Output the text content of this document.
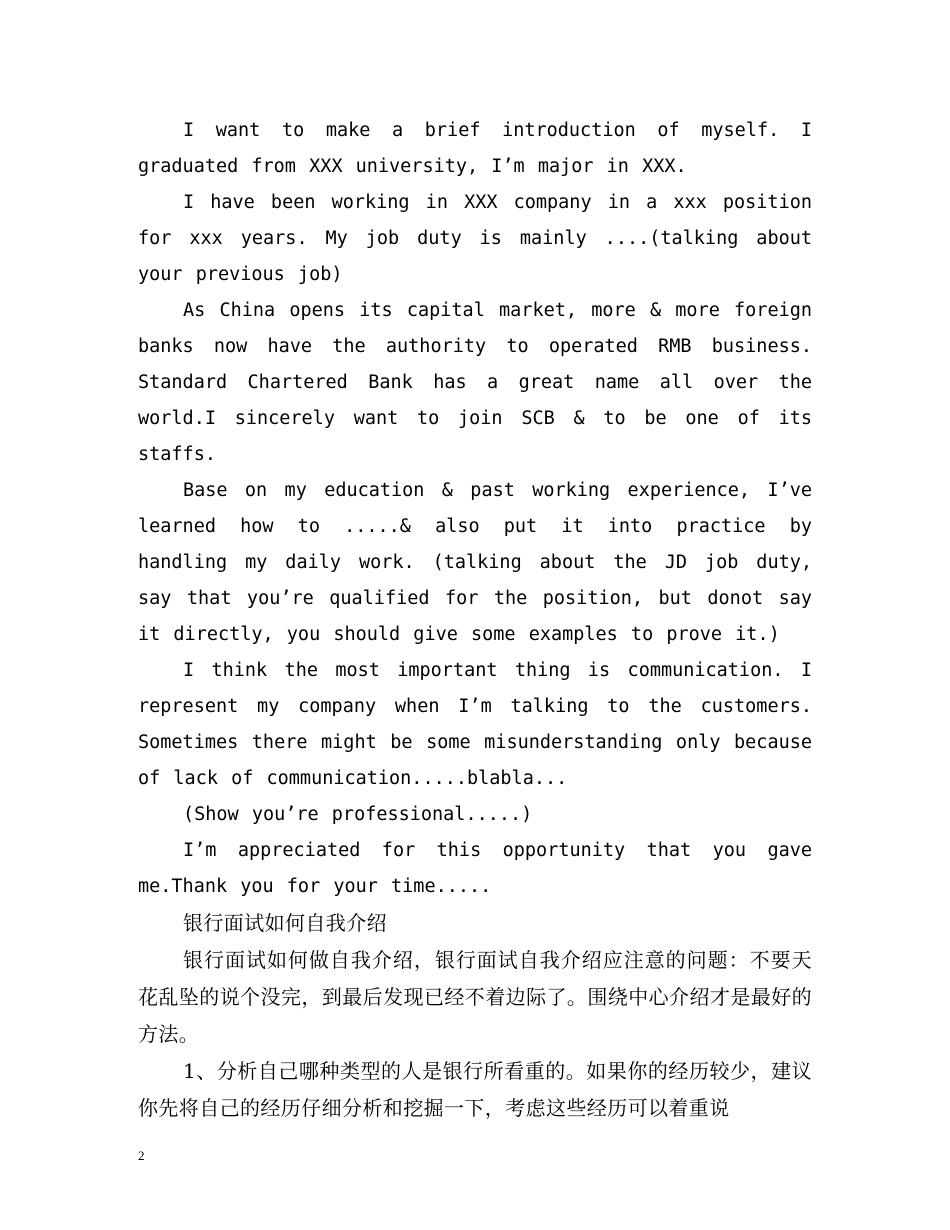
I want to make a brief introduction of myself. I graduated from XXX university, I’m major in XXX.

I have been working in XXX company in a xxx position for xxx years. My job duty is mainly ....(talking about your previous job)

As China opens its capital market, more & more foreign banks now have the authority to operated RMB business. Standard Chartered Bank has a great name all over the world.I sincerely want to join SCB & to be one of its staffs.

Base on my education & past working experience, I’ve learned how to .....& also put it into practice by handling my daily work. (talking about the JD job duty, say that you’re qualified for the position, but donot say it directly, you should give some examples to prove it.)

I think the most important thing is communication. I represent my company when I’m talking to the customers. Sometimes there might be some misunderstanding only because of lack of communication.....blabla...

(Show you’re professional.....)

I’m appreciated for this opportunity that you gave me.Thank you for your time.....

银行面试如何自我介绍

银行面试如何做自我介绍，银行面试自我介绍应注意的问题：不要天花乱坠的说个没完，到最后发现已经不着边际了。围绕中心介绍才是最好的方法。

1、分析自己哪种类型的人是银行所看重的。如果你的经历较少，建议你先将自己的经历仔细分析和挖掘一下，考虑这些经历可以着重说

2
